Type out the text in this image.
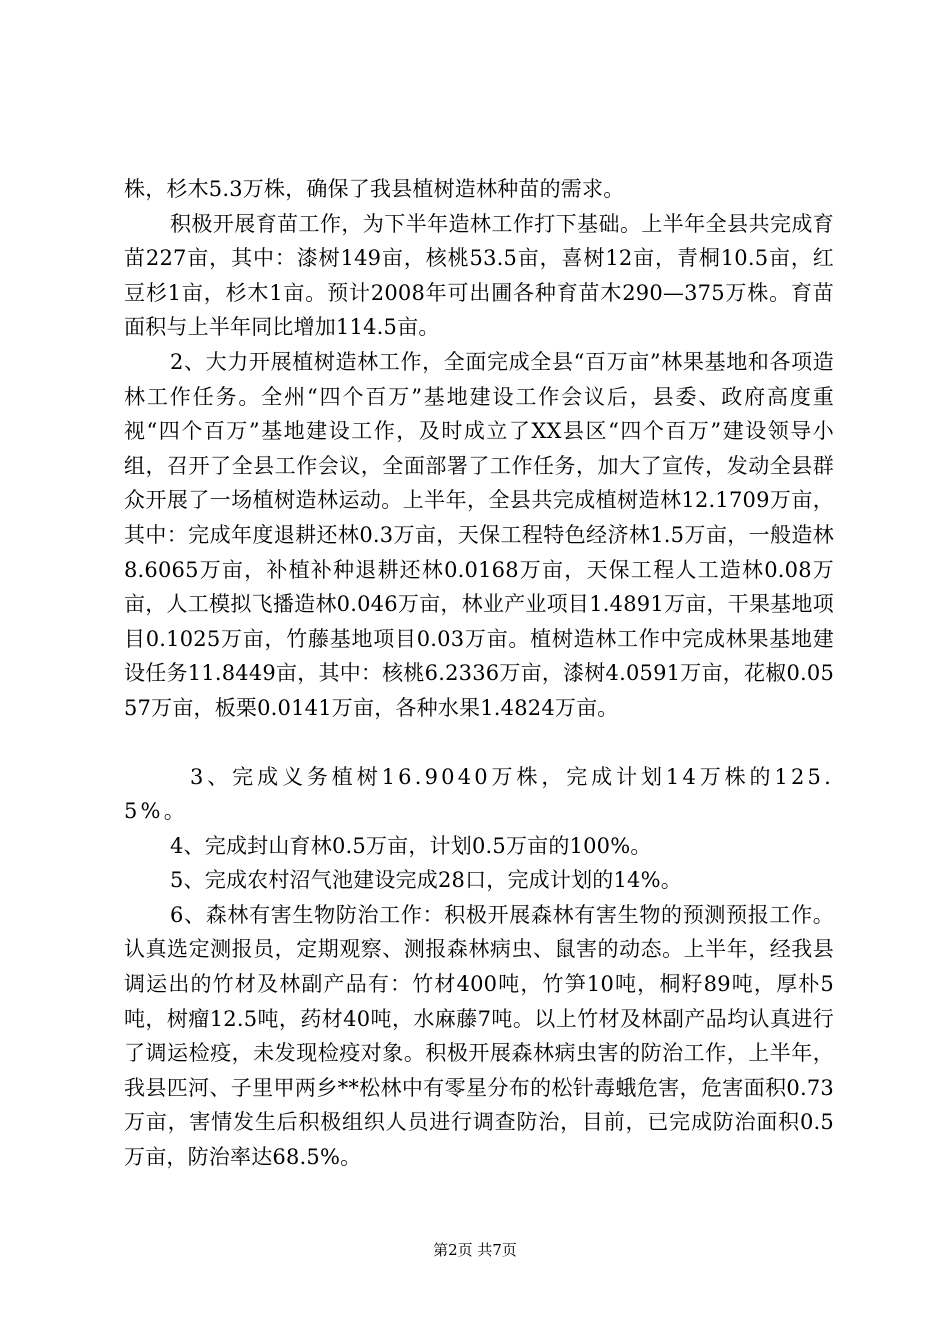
株，杉木5.3万株，确保了我县植树造林种苗的需求。

积极开展育苗工作，为下半年造林工作打下基础。上半年全县共完成育苗227亩，其中：漆树149亩，核桃53.5亩，喜树12亩，青桐10.5亩，红豆杉1亩，杉木1亩。预计2008年可出圃各种育苗木290—375万株。育苗面积与上半年同比增加114.5亩。

2、大力开展植树造林工作，全面完成全县“百万亩”林果基地和各项造林工作任务。全州“四个百万”基地建设工作会议后，县委、政府高度重视“四个百万”基地建设工作，及时成立了XX县区“四个百万”建设领导小组，召开了全县工作会议，全面部署了工作任务，加大了宣传，发动全县群众开展了一场植树造林运动。上半年，全县共完成植树造林12.1709万亩，其中：完成年度退耕还林0.3万亩，天保工程特色经济林1.5万亩，一般造林8.6065万亩，补植补种退耕还林0.0168万亩，天保工程人工造林0.08万亩，人工模拟飞播造林0.046万亩，林业产业项目1.4891万亩，干果基地项目0.1025万亩，竹藤基地项目0.03万亩。植树造林工作中完成林果基地建设任务11.8449亩，其中：核桃6.2336万亩，漆树4.0591万亩，花椒0.0557万亩，板栗0.0141万亩，各种水果1.4824万亩。

3、完成义务植树16.9040万株，完成计划14万株的125.5%。

4、完成封山育林0.5万亩，计划0.5万亩的100%。

5、完成农村沼气池建设完成28口，完成计划的14%。

6、森林有害生物防治工作：积极开展森林有害生物的预测预报工作。认真选定测报员，定期观察、测报森林病虫、鼠害的动态。上半年，经我县调运出的竹材及林副产品有：竹材400吨，竹笋10吨，桐籽89吨，厚朴5吨，树瘤12.5吨，药材40吨，水麻藤7吨。以上竹材及林副产品均认真进行了调运检疫，未发现检疫对象。积极开展森林病虫害的防治工作，上半年，我县匹河、子里甲两乡**松林中有零星分布的松针毒蛾危害，危害面积0.73万亩，害情发生后积极组织人员进行调查防治，目前，已完成防治面积0.5万亩，防治率达68.5%。

第2页 共7页
